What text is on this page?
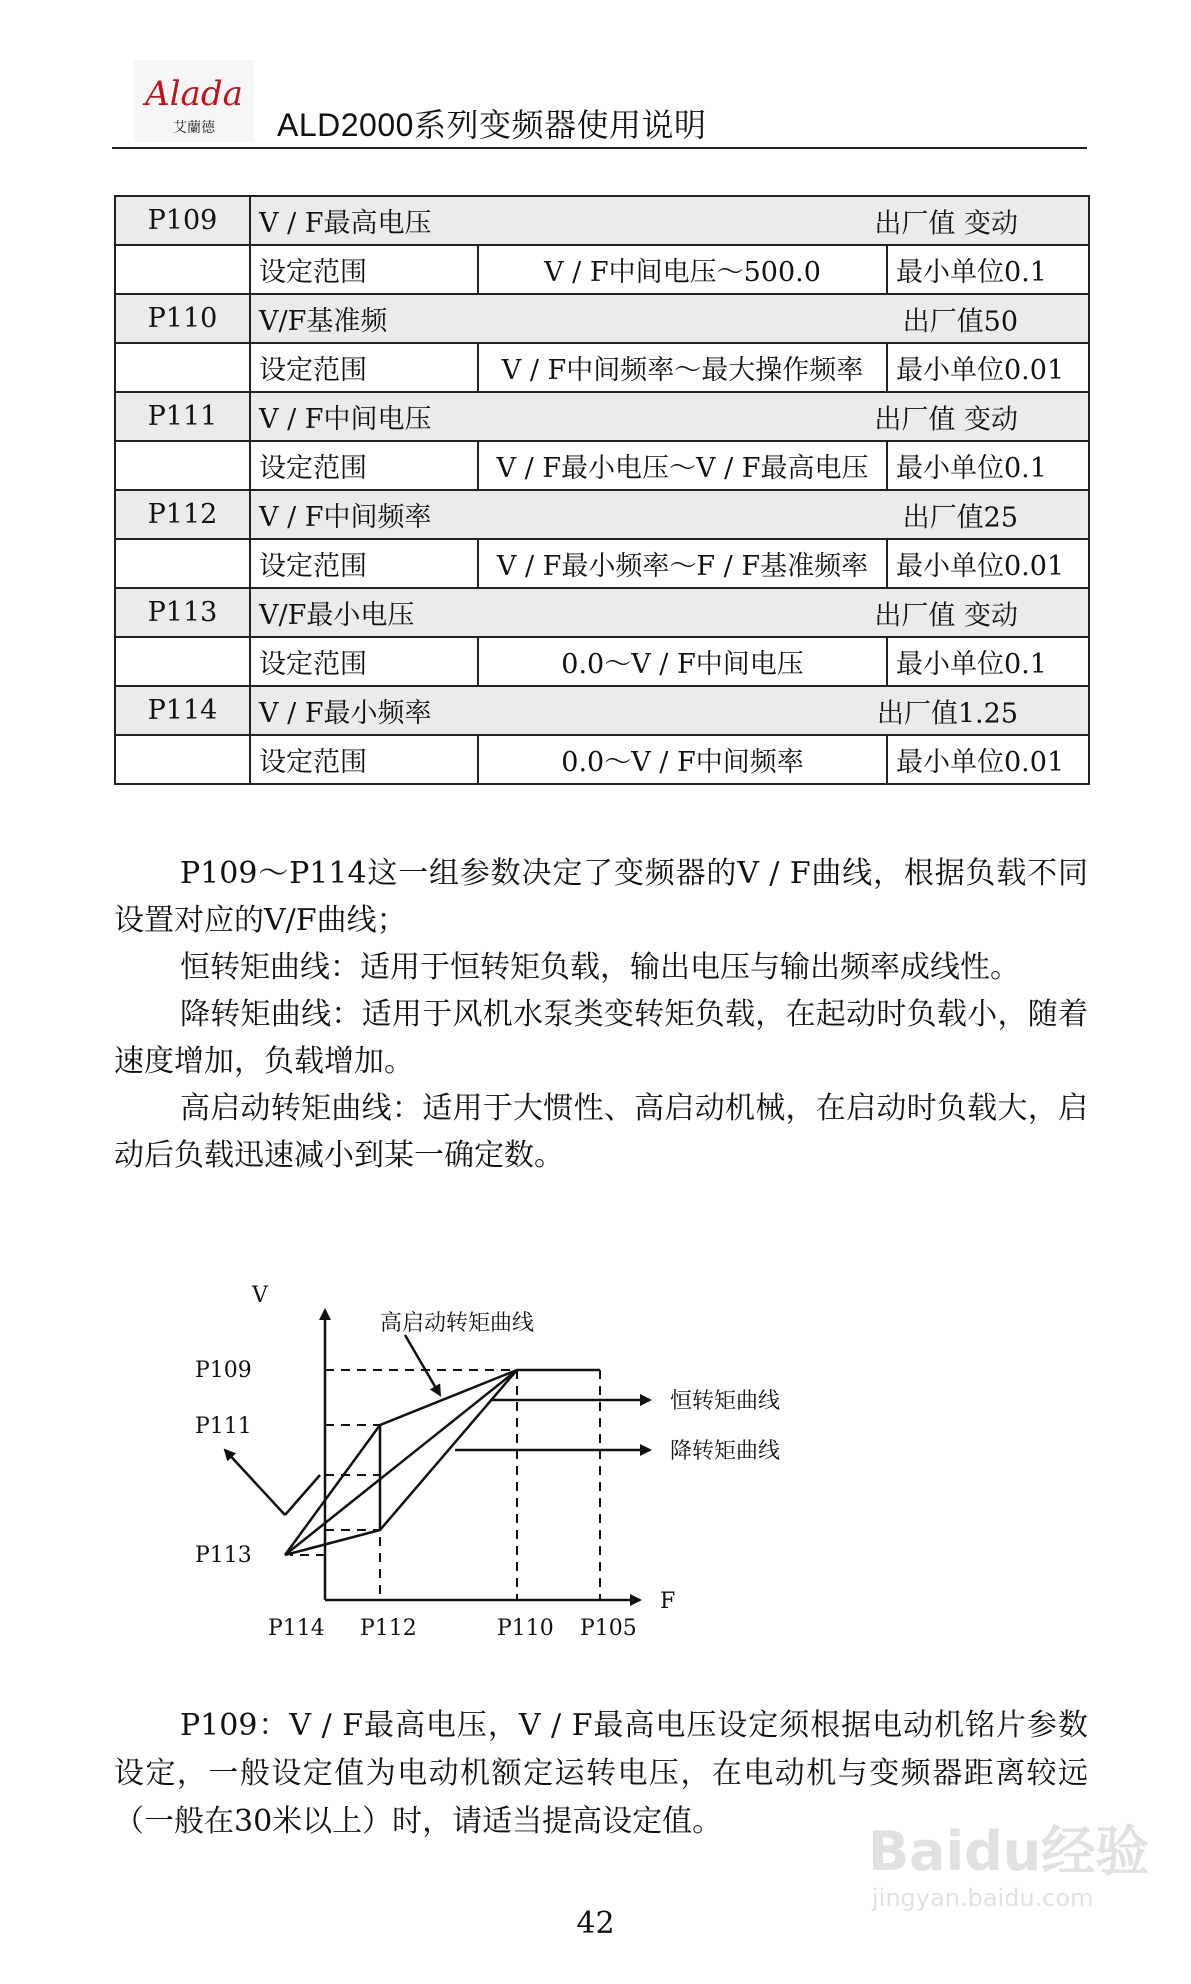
Alada
艾蘭德 ALD2000系列变频器使用说明
P109	V / F最高电压 出厂值 变动		

	设定范围	V / F中间电压～500.0	最小单位0.1
P110	V/F基准频 出厂值50		

	设定范围	V / F中间频率～最大操作频率	最小单位0.01
P111	V / F中间电压 出厂值 变动		

	设定范围	V / F最小电压～V / F最高电压	最小单位0.1
P112	V / F中间频率 出厂值25		

	设定范围	V / F最小频率～F / F基准频率	最小单位0.01
P113	V/F最小电压 出厂值 变动		

	设定范围	0.0～V / F中间电压	最小单位0.1
P114	V / F最小频率 出厂值1.25		

	设定范围	0.0～V / F中间频率	最小单位0.01

P109～P114这一组参数决定了变频器的V / F曲线，根据负载不同设置对应的V/F曲线；

恒转矩曲线：适用于恒转矩负载，输出电压与输出频率成线性。

降转矩曲线：适用于风机水泵类变转矩负载，在起动时负载小，随着速度增加，负载增加。

高启动转矩曲线：适用于大惯性、高启动机械，在启动时负载大，启动后负载迅速减小到某一确定数。

V
F
高启动转矩曲线
恒转矩曲线
降转矩曲线
P109
P111
P113
P114 P112	P110 P105

P109：V / F最高电压，V / F最高电压设定须根据电动机铭片参数设定，一般设定值为电动机额定运转电压，在电动机与变频器距离较远（一般在30米以上）时，请适当提高设定值。

42
Baidu经验
jingyan.baidu.com
